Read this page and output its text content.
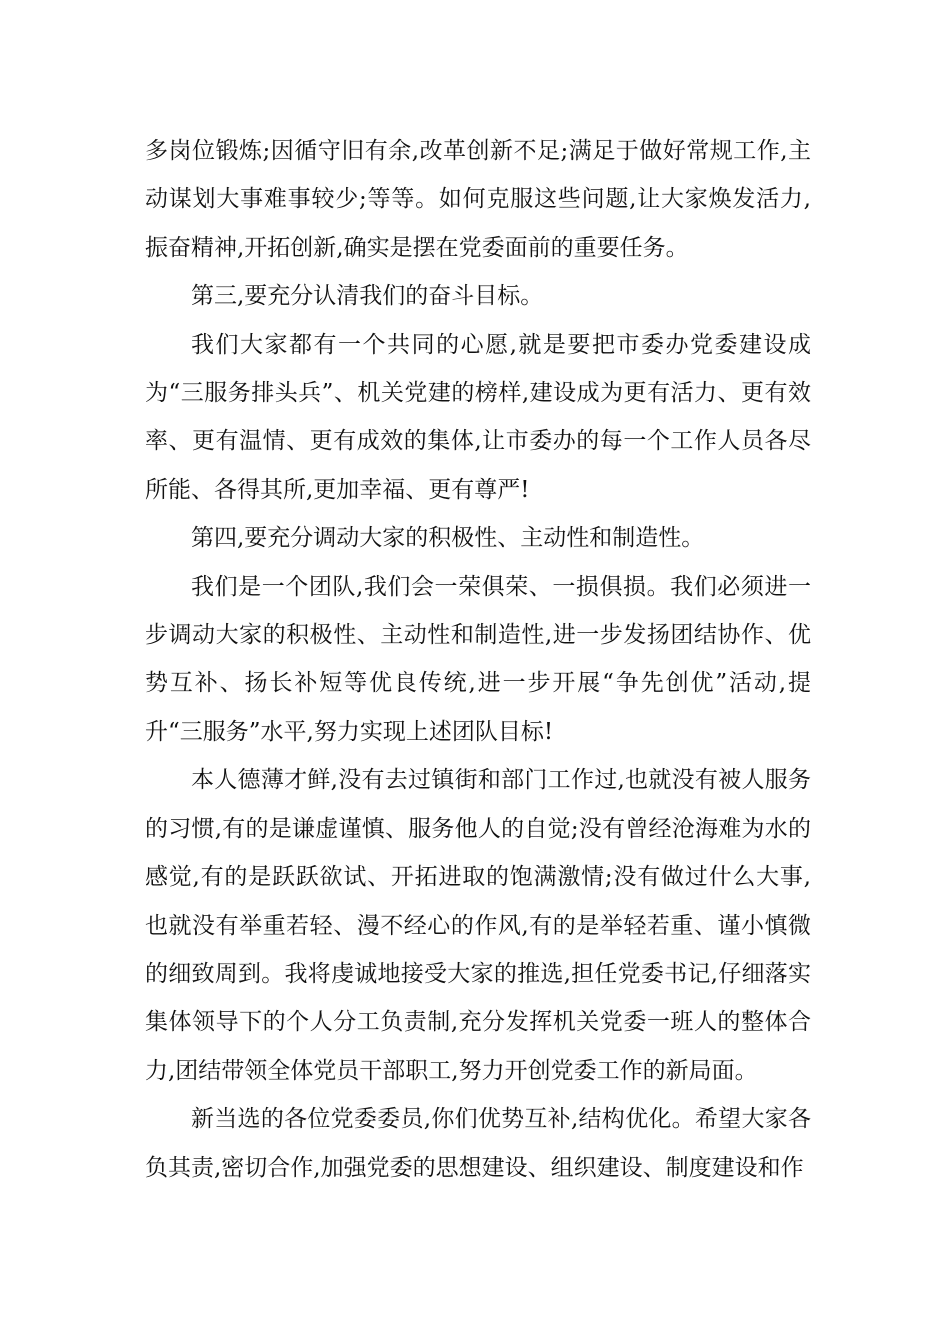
多岗位锻炼;因循守旧有余,改革创新不足;满足于做好常规工作,主动谋划大事难事较少;等等。如何克服这些问题,让大家焕发活力,振奋精神,开拓创新,确实是摆在党委面前的重要任务。

第三,要充分认清我们的奋斗目标。

我们大家都有一个共同的心愿,就是要把市委办党委建设成为“三服务排头兵”、机关党建的榜样,建设成为更有活力、更有效率、更有温情、更有成效的集体,让市委办的每一个工作人员各尽所能、各得其所,更加幸福、更有尊严!

第四,要充分调动大家的积极性、主动性和制造性。

我们是一个团队,我们会一荣俱荣、一损俱损。我们必须进一步调动大家的积极性、主动性和制造性,进一步发扬团结协作、优势互补、扬长补短等优良传统,进一步开展“争先创优”活动,提升“三服务”水平,努力实现上述团队目标!

本人德薄才鲜,没有去过镇街和部门工作过,也就没有被人服务的习惯,有的是谦虚谨慎、服务他人的自觉;没有曾经沧海难为水的感觉,有的是跃跃欲试、开拓进取的饱满激情;没有做过什么大事,也就没有举重若轻、漫不经心的作风,有的是举轻若重、谨小慎微的细致周到。我将虔诚地接受大家的推选,担任党委书记,仔细落实集体领导下的个人分工负责制,充分发挥机关党委一班人的整体合力,团结带领全体党员干部职工,努力开创党委工作的新局面。

新当选的各位党委委员,你们优势互补,结构优化。希望大家各负其责,密切合作,加强党委的思想建设、组织建设、制度建设和作
